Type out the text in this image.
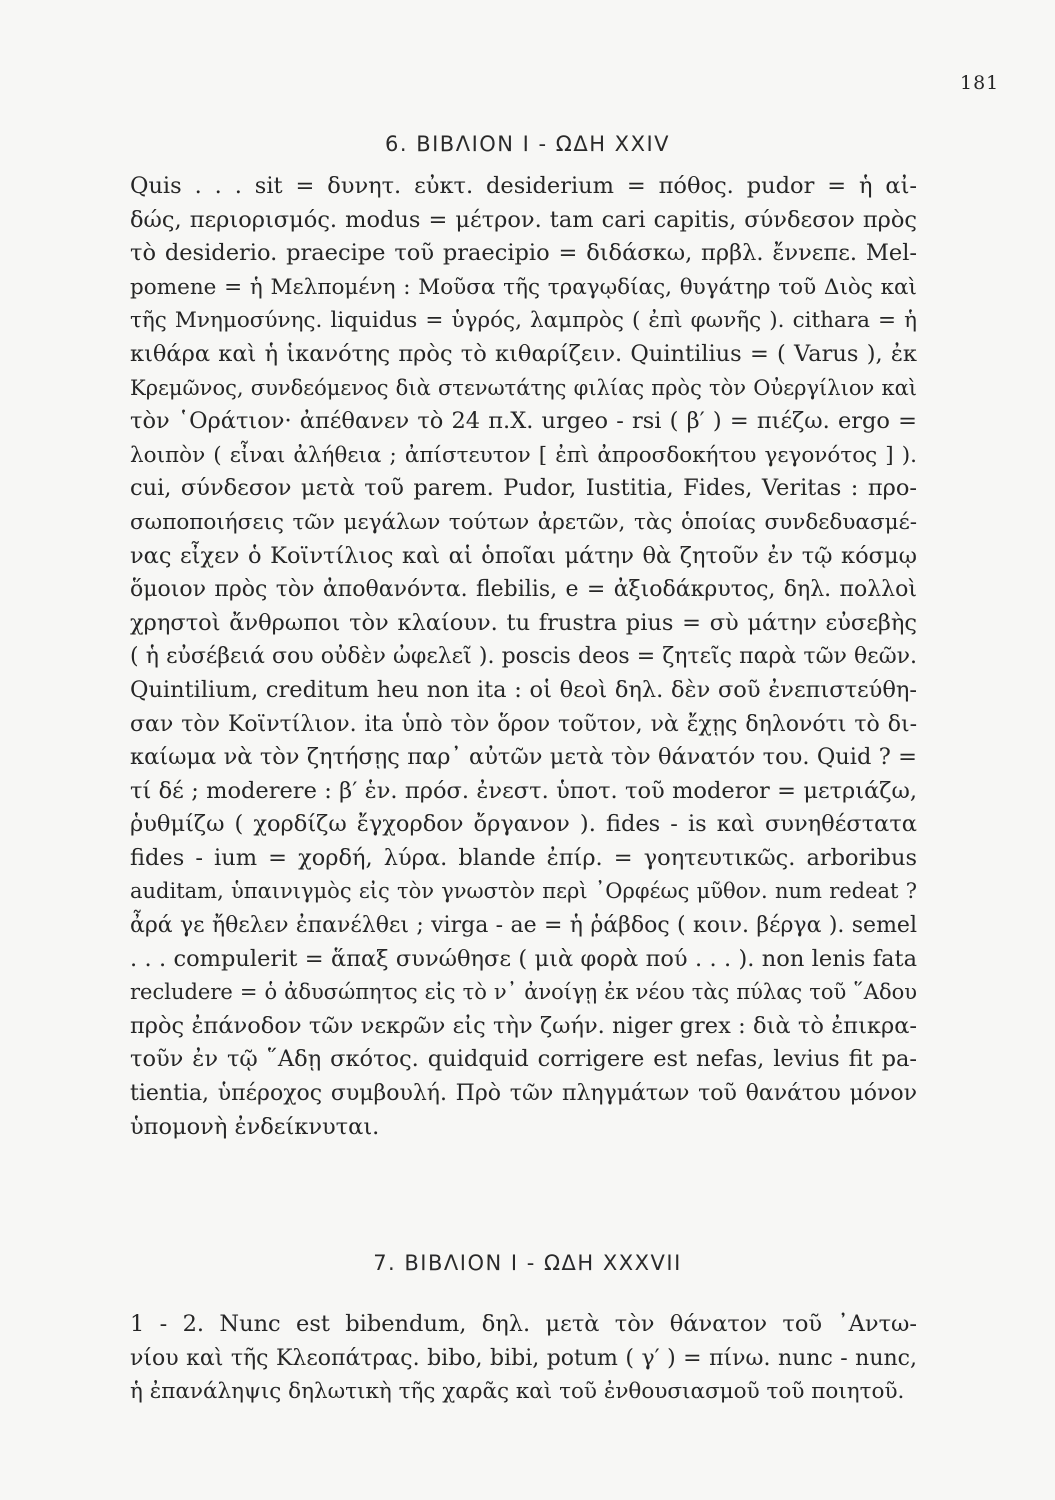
181
6. ΒΙΒΛΙΟΝ Ι - ΩΔΗ XXIV
Quis . . . sit = δυνητ. εὐκτ. desiderium = πόθος. pudor = ἡ αἰ-
δώς, περιορισμός. modus = μέτρον. tam cari capitis, σύνδεσον πρὸς
τὸ desiderio. praecipe τοῦ praecipio = διδάσκω, πρβλ. ἔννεπε. Mel-
pomene = ἡ Μελπομένη : Μοῦσα τῆς τραγῳδίας, θυγάτηρ τοῦ Διὸς καὶ
τῆς Μνημοσύνης. liquidus = ὑγρός, λαμπρὸς ( ἐπὶ φωνῆς ). cithara = ἡ
κιθάρα καὶ ἡ ἱκανότης πρὸς τὸ κιθαρίζειν. Quintilius = ( Varus ), ἐκ
Κρεμῶνος, συνδεόμενος διὰ στενωτάτης φιλίας πρὸς τὸν Οὐεργίλιον καὶ
τὸν ῾Οράτιον· ἀπέθανεν τὸ 24 π.Χ. urgeo - rsi ( β′ ) = πιέζω. ergo =
λοιπὸν ( εἶναι ἀλήθεια ; ἀπίστευτον [ ἐπὶ ἀπροσδοκήτου γεγονότος ] ).
cui, σύνδεσον μετὰ τοῦ parem. Pudor, Iustitia, Fides, Veritas : προ-
σωποποιήσεις τῶν μεγάλων τούτων ἀρετῶν, τὰς ὁποίας συνδεδυασμέ-
νας εἶχεν ὁ Κοϊντίλιος καὶ αἱ ὁποῖαι μάτην θὰ ζητοῦν ἐν τῷ κόσμῳ
ὅμοιον πρὸς τὸν ἀποθανόντα. flebilis, e = ἀξιοδάκρυτος, δηλ. πολλοὶ
χρηστοὶ ἄνθρωποι τὸν κλαίουν. tu frustra pius = σὺ μάτην εὐσεβὴς
( ἡ εὐσέβειά σου οὐδὲν ὠφελεῖ ). poscis deos = ζητεῖς παρὰ τῶν θεῶν.
Quintilium, creditum heu non ita : οἱ θεοὶ δηλ. δὲν σοῦ ἐνεπιστεύθη-
σαν τὸν Κοϊντίλιον. ita ὑπὸ τὸν ὅρον τοῦτον, νὰ ἔχῃς δηλονότι τὸ δι-
καίωμα νὰ τὸν ζητήσῃς παρ᾽ αὐτῶν μετὰ τὸν θάνατόν του. Quid ? =
τί δέ ; moderere : β′ ἑν. πρόσ. ἐνεστ. ὑποτ. τοῦ moderor = μετριάζω,
ῥυθμίζω ( χορδίζω ἔγχορδον ὄργανον ). fides - is καὶ συνηθέστατα
fides - ium = χορδή, λύρα. blande ἐπίρ. = γοητευτικῶς. arboribus
auditam, ὑπαινιγμὸς εἰς τὸν γνωστὸν περὶ ᾽Ορφέως μῦθον. num redeat ?
ἆρά γε ἤθελεν ἐπανέλθει ; virga - ae = ἡ ῥάβδος ( κοιν. βέργα ). semel
. . . compulerit = ἅπαξ συνώθησε ( μιὰ φορὰ πού . . . ). non lenis fata
recludere = ὁ ἀδυσώπητος εἰς τὸ ν᾽ ἀνοίγῃ ἐκ νέου τὰς πύλας τοῦ ῞Αδου
πρὸς ἐπάνοδον τῶν νεκρῶν εἰς τὴν ζωήν. niger grex : διὰ τὸ ἐπικρα-
τοῦν ἐν τῷ ῞Αδῃ σκότος. quidquid corrigere est nefas, levius fit pa-
tientia, ὑπέροχος συμβουλή. Πρὸ τῶν πληγμάτων τοῦ θανάτου μόνον
ὑπομονὴ ἐνδείκνυται.
7. ΒΙΒΛΙΟΝ Ι - ΩΔΗ XXXVII
1 - 2. Nunc est bibendum, δηλ. μετὰ τὸν θάνατον τοῦ ᾽Αντω-
νίου καὶ τῆς Κλεοπάτρας. bibo, bibi, potum ( γ′ ) = πίνω. nunc - nunc,
ἡ ἐπανάληψις δηλωτικὴ τῆς χαρᾶς καὶ τοῦ ἐνθουσιασμοῦ τοῦ ποιητοῦ.
